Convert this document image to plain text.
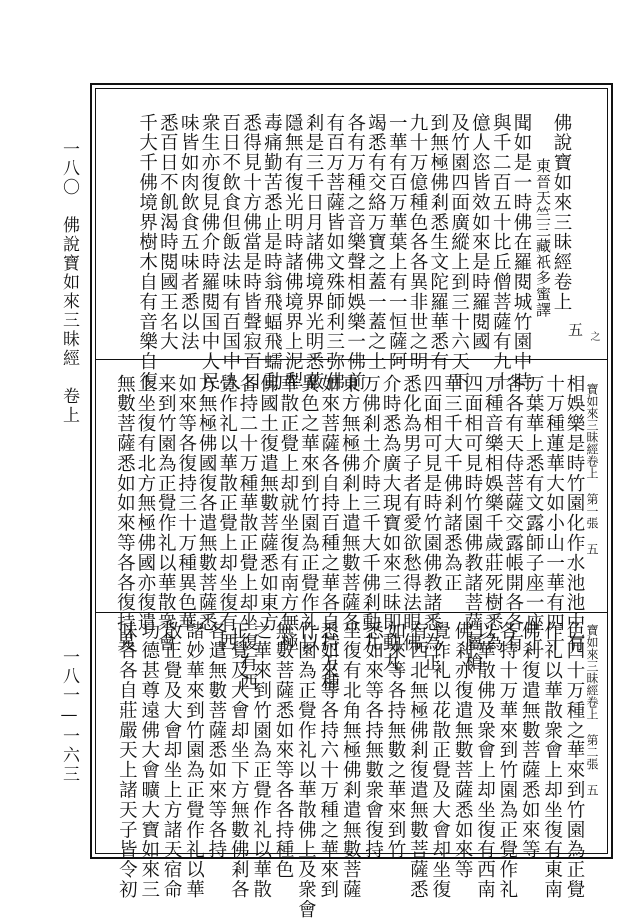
一八〇　佛說寶如來三昧經　卷上
一八一—一六三
佛說寶如來三昧經卷上
東晉天竺三藏祇多蜜譯
五 之
寶如來三昧經卷上 第一張 五
寶如來三昧經卷上 第二張 五
聞如是一時佛在羅閱城竹園中時
與千二百五十比丘僧菩薩有九十
億人恣皆效如來是時羅閱國
及竹園四面廣縱上到三十六天下
到無極佛剎悉生文陀羅華悉有
九十万億種色各各異非世之明
一華有百万華葉上有一恒薩阿
竭悉有交絡万寶之蓋一蓋之上
各有万種之音樂聲相娛樂一佛前
有百万菩薩皆如文殊師利三弥佛
剎是三千日月諸佛境界光明悉蔽
隱無有復光明時諸佛境界上泥犁
毒痛勤苦悉止是時翁飛蝠飛蠕動
悉得見十方佛當是時皆聲寂百日
百日不飲食但飯法味有百国中人
衆生亦復見佛介時羅閱国中人民
味皆如肉飲食五味者悉以法
悉百日不飢渴時閱國王名大
千大千佛境界樹木自有音樂自復
相娛樂是時竹園化作水池池中有
十万種蓮華大如小山一華有四十
万葉華上悉有文露師子座一座上
各各有天侍菩薩交露帳開各各有
万種音樂相娛樂千歲莊死樹悉為
四面相可見時竹園佛教諸菩薩屬槍
華三千大千佛剎諸悉為正
四面相可見是時竹園佛教諸悉為正
悉化為男子者有愛欲愁得法眼佛
介時悉為廣大現寶如來三昧即動九
万佛剎土介時三千大千佛剎動九
東方無極佛剎上遣無數菩薩各
如來菩薩各自持百種之華各自持万種
異色之華來到竹園為正覺作礼以
華散正覺上却就坐復有南方無極
佛國土復遣無數菩薩悉如東方
各持二十万種華散正覺上却坐復有西
覺作礼以華散正覺上却坐復有西
方無極佛國復各遣無數菩薩悉
如來等各復持三十万種異色華
来到竹園為正覺作礼以華散衆會
上坐復有北方無極佛國亦復遣
無數菩薩悉如如來等各各復持異
色四十万種之華來到竹園為正覺
作礼以華散衆會上却坐復有東南
佛剎復遣無數菩薩悉如來等
各持十万華來到竹園為正覺作礼
以華散佛及衆會上却坐復有西南
佛剎亦復遣無數菩薩悉如來等
覺作礼以花散正覺及大會却坐復
有西北無極佛剎復遣無數菩薩悉
如來等各持無數之華來到竹
悉如來等各持無數衆會復持
坐復有北角無極佛剎遣無數菩薩
悉如來等各持六十万種之華來到
竹園為正覺作礼以華散佛上及衆會
無數菩薩悉如來等各各持種色
之華來到竹園為正覺作礼以華散
正覺及大會却坐下方無數佛剎各
各遣無數菩薩悉如來等各持
諸妙華來到竹園為正覺作礼以華
散正覺及大會却坐上方諸天宿命
功德甚尊遠佛大會曠大寶如來三
味各各自莊嚴天上諸天子皆令初
